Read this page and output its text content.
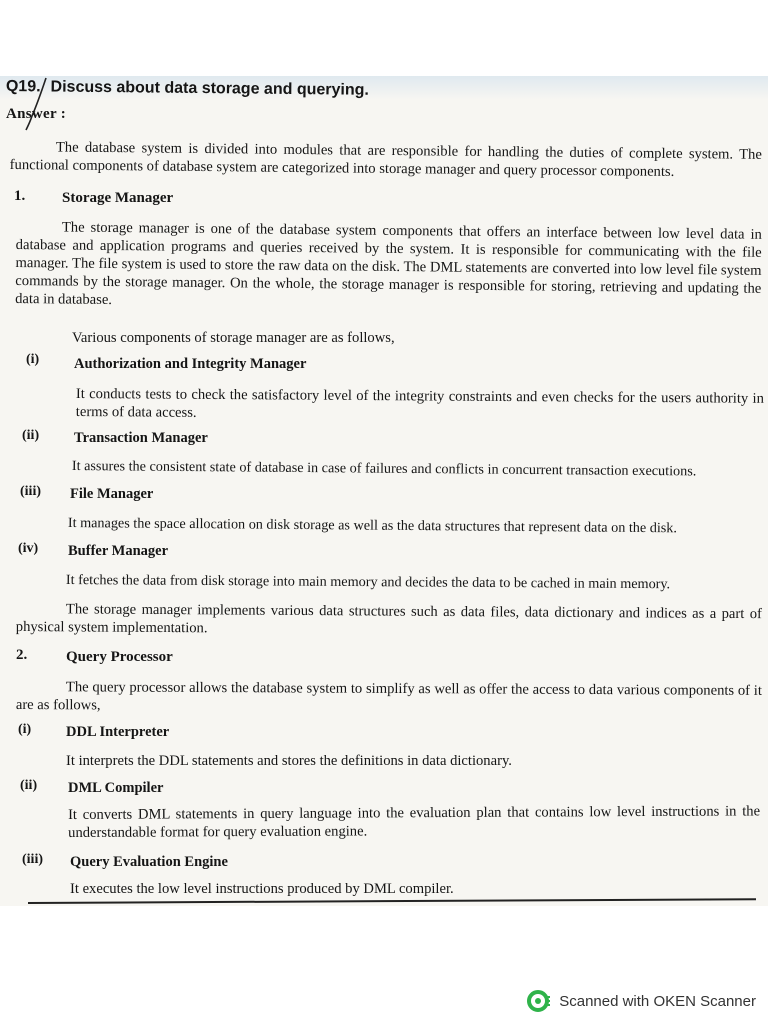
Q19. Discuss about data storage and querying.
Answer :

The database system is divided into modules that are responsible for handling the duties of complete system. The functional components of database system are categorized into storage manager and query processor components.

1. Storage Manager

The storage manager is one of the database system components that offers an interface between low level data in database and application programs and queries received by the system. It is responsible for communicating with the file manager. The file system is used to store the raw data on the disk. The DML statements are converted into low level file system commands by the storage manager. On the whole, the storage manager is responsible for storing, retrieving and updating the data in database.

Various components of storage manager are as follows,

(i) Authorization and Integrity Manager

It conducts tests to check the satisfactory level of the integrity constraints and even checks for the users authority in terms of data access.

(ii) Transaction Manager

It assures the consistent state of database in case of failures and conflicts in concurrent transaction executions.

(iii) File Manager

It manages the space allocation on disk storage as well as the data structures that represent data on the disk.

(iv) Buffer Manager

It fetches the data from disk storage into main memory and decides the data to be cached in main memory.

The storage manager implements various data structures such as data files, data dictionary and indices as a part of physical system implementation.

2.	Query Processor

The query processor allows the database system to simplify as well as offer the access to data various components of it are as follows,

(i) DDL Interpreter

It interprets the DDL statements and stores the definitions in data dictionary.

(ii) DML Compiler

It converts DML statements in query language into the evaluation plan that contains low level instructions in the understandable format for query evaluation engine.

(iii) Query Evaluation Engine

It executes the low level instructions produced by DML compiler.

Scanned with OKEN Scanner
